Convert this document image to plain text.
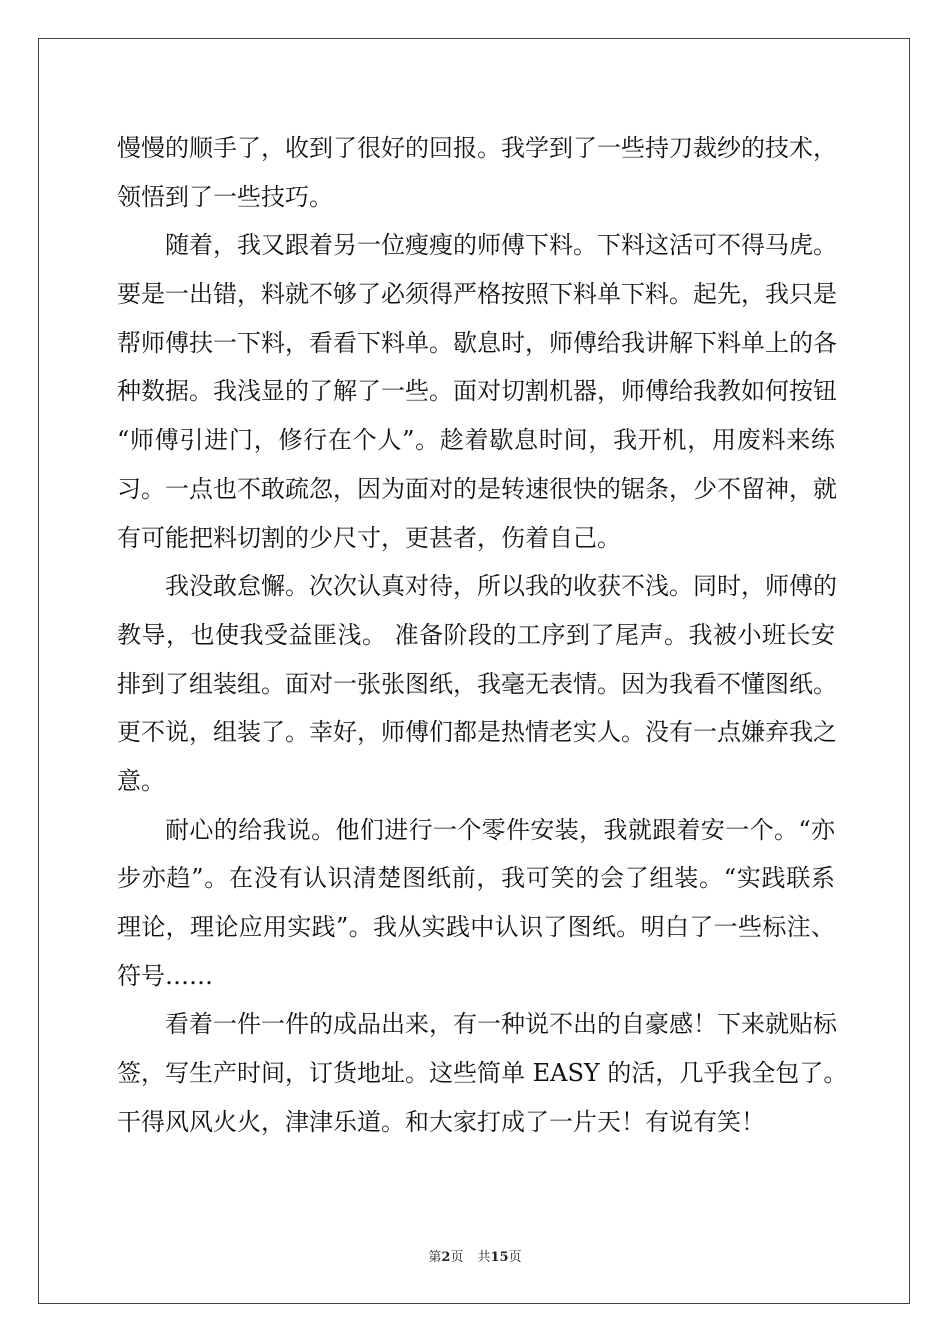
慢慢的顺手了，收到了很好的回报。我学到了一些持刀裁纱的技术，
领悟到了一些技巧。
随着，我又跟着另一位瘦瘦的师傅下料。下料这活可不得马虎。
要是一出错，料就不够了必须得严格按照下料单下料。起先，我只是
帮师傅扶一下料，看看下料单。歇息时，师傅给我讲解下料单上的各
种数据。我浅显的了解了一些。面对切割机器，师傅给我教如何按钮
“师傅引进门，修行在个人”。趁着歇息时间，我开机，用废料来练
习。一点也不敢疏忽，因为面对的是转速很快的锯条，少不留神，就
有可能把料切割的少尺寸，更甚者，伤着自己。
我没敢怠懈。次次认真对待，所以我的收获不浅。同时，师傅的
教导，也使我受益匪浅。 准备阶段的工序到了尾声。我被小班长安
排到了组装组。面对一张张图纸，我毫无表情。因为我看不懂图纸。
更不说，组装了。幸好，师傅们都是热情老实人。没有一点嫌弃我之
意。
耐心的给我说。他们进行一个零件安装，我就跟着安一个。“亦
步亦趋”。在没有认识清楚图纸前，我可笑的会了组装。“实践联系
理论，理论应用实践”。我从实践中认识了图纸。明白了一些标注、
符号……
看着一件一件的成品出来，有一种说不出的自豪感！下来就贴标
签，写生产时间，订货地址。这些简单 EASY 的活，几乎我全包了。
干得风风火火，津津乐道。和大家打成了一片天！有说有笑！
第2页 共15页
